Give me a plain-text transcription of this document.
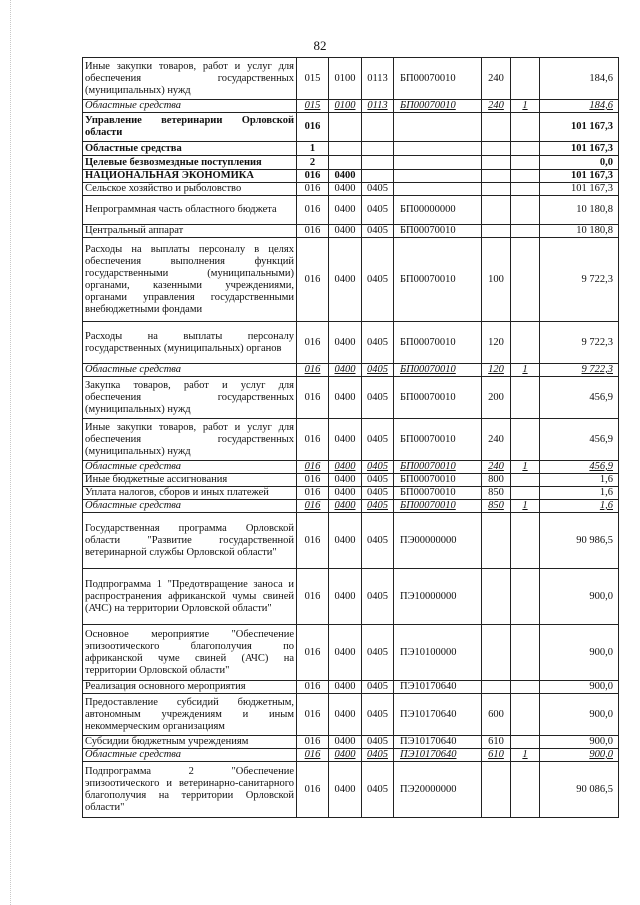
82
Иные закупки товаров, работ и услуг для обеспечения государственных (муниципальных) нужд	015	0100	0113	БП00070010	240		184,6
Областные средства	015	0100	0113	БП00070010	240	1	184,6
Управление ветеринарии Орловской области	016						101 167,3
Областные средства	1						101 167,3
Целевые безвозмездные поступления	2						0,0
НАЦИОНАЛЬНАЯ ЭКОНОМИКА	016	0400					101 167,3
Сельское хозяйство и рыболовство	016	0400	0405				101 167,3
Непрограммная часть областного бюджета	016	0400	0405	БП00000000			10 180,8
Центральный аппарат	016	0400	0405	БП00070010			10 180,8
Расходы на выплаты персоналу в целях обеспечения выполнения функций государственными (муниципальными) органами, казенными учреждениями, органами управления государственными внебюджетными фондами	016	0400	0405	БП00070010	100		9 722,3
Расходы на выплаты персоналу государственных (муниципальных) органов	016	0400	0405	БП00070010	120		9 722,3
Областные средства	016	0400	0405	БП00070010	120	1	9 722,3
Закупка товаров, работ и услуг для обеспечения государственных (муниципальных) нужд	016	0400	0405	БП00070010	200		456,9
Иные закупки товаров, работ и услуг для обеспечения государственных (муниципальных) нужд	016	0400	0405	БП00070010	240		456,9
Областные средства	016	0400	0405	БП00070010	240	1	456,9
Иные бюджетные ассигнования	016	0400	0405	БП00070010	800		1,6
Уплата налогов, сборов и иных платежей	016	0400	0405	БП00070010	850		1,6
Областные средства	016	0400	0405	БП00070010	850	1	1,6
Государственная программа Орловской области "Развитие государственной ветеринарной службы Орловской области"	016	0400	0405	ПЭ00000000			90 986,5
Подпрограмма 1 "Предотвращение заноса и распространения африканской чумы свиней (АЧС) на территории Орловской области"	016	0400	0405	ПЭ10000000			900,0
Основное мероприятие "Обеспечение эпизоотического благополучия по африканской чуме свиней (АЧС) на территории Орловской области"	016	0400	0405	ПЭ10100000			900,0
Реализация основного мероприятия	016	0400	0405	ПЭ10170640			900,0
Предоставление субсидий бюджетным, автономным учреждениям и иным некоммерческим организациям	016	0400	0405	ПЭ10170640	600		900,0
Субсидии бюджетным учреждениям	016	0400	0405	ПЭ10170640	610		900,0
Областные средства	016	0400	0405	ПЭ10170640	610	1	900,0
Подпрограмма 2 "Обеспечение эпизоотического и ветеринарно-санитарного благополучия на территории Орловской области"	016	0400	0405	ПЭ20000000			90 086,5
